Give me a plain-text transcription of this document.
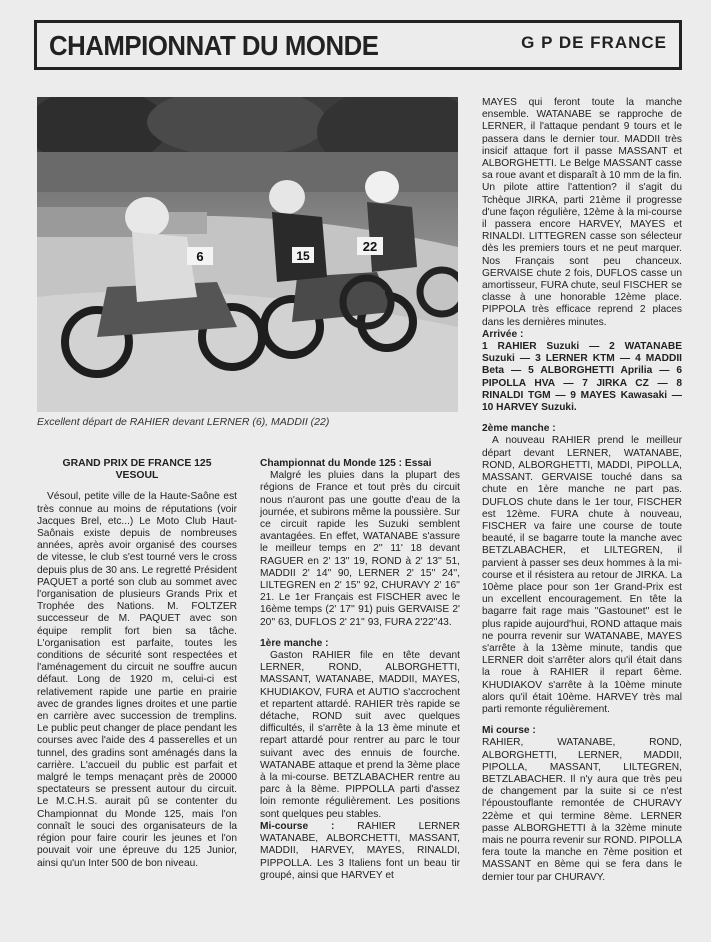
CHAMPIONNAT DU MONDE	G P DE FRANCE
6
22
15
Excellent départ de RAHIER devant LERNER (6), MADDII (22)

GRAND PRIX DE FRANCE 125

VESOUL

Vésoul, petite ville de la Haute-Saône est très connue au moins de réputations (voir Jacques Brel, etc...) Le Moto Club Haut-Saônais existe depuis de nombreuses années, après avoir organisé des courses de vitesse, le club s'est tourné vers le cross depuis plus de 30 ans. Le regretté Président PAQUET a porté son club au sommet avec l'organisation de plusieurs Grands Prix et Trophée des Nations. M. FOLTZER successeur de M. PAQUET avec son équipe remplit fort bien sa tâche. L'organisation est parfaite, toutes les conditions de sécurité sont respectées et l'aménagement du circuit ne souffre aucun défaut. Long de 1920 m, celui-ci est relativement rapide une partie en prairie avec de grandes lignes droites et une partie en carrière avec succession de tremplins. Le public peut changer de place pendant les courses avec l'aide des 4 passerelles et un tunnel, des gradins sont aménagés dans la carrière. L'accueil du public est parfait et malgré le temps menaçant près de 20000 spectateurs se pressent autour du circuit. Le M.C.H.S. aurait pû se contenter du Championnat du Monde 125, mais l'on connaît le souci des organisateurs de la région pour faire courir les jeunes et l'on pouvait voir une épreuve du 125 Junior, ainsi qu'un Inter 500 de bon niveau.

Championnat du Monde 125 : Essai

Malgré les pluies dans la plupart des régions de France et tout près du circuit nous n'auront pas une goutte d'eau de la journée, et subirons même la poussière. Sur ce circuit rapide les Suzuki semblent avantagées. En effet, WATANABE s'assure le meilleur temps en 2'' 11' 18 devant RAGUER en 2' 13'' 19, ROND à 2' 13'' 51, MADDII 2' 14'' 90, LERNER 2' 15'' 24'', LILTEGREN en 2' 15'' 92, CHURAVY 2' 16'' 21. Le 1er Français est FISCHER avec le 16ème temps (2' 17'' 91) puis GERVAISE 2' 20'' 63, DUFLOS 2' 21'' 93, FURA 2'22''43.

1ère manche :

Gaston RAHIER file en tête devant LERNER, ROND, ALBORGHETTI, MASSANT, WATANABE, MADDII, MAYES, KHUDIAKOV, FURA et AUTIO s'accrochent et repartent attardé. RAHIER très rapide se détache, ROND suit avec quelques difficultés, il s'arrête à la 13 ème minute et repart attardé pour rentrer au parc le tour suivant avec des ennuis de fourche. WATANABE attaque et prend la 3ème place à la mi-course. BETZLABACHER rentre au parc à la 8ème. PIPPOLLA parti d'assez loin remonte régulièrement. Les positions sont quelques peu stables.

Mi-course : RAHIER LERNER WATANABE, ALBORCHETTI, MASSANT, MADDII, HARVEY, MAYES, RINALDI, PIPPOLLA. Les 3 Italiens font un beau tir groupé, ainsi que HARVEY et

MAYES qui feront toute la manche ensemble. WATANABE se rapproche de LERNER, il l'attaque pendant 9 tours et le passera dans le dernier tour. MADDII très insicif attaque fort il passe MASSANT et ALBORGHETTI. Le Belge MASSANT casse sa roue avant et disparaît à 10 mm de la fin. Un pilote attire l'attention? il s'agit du Tchèque JIRKA, parti 21ème il progresse d'une façon régulière, 12ème à la mi-course il passera encore HARVEY, MAYES et RINALDI. LITTEGREN casse son sélecteur dès les premiers tours et ne peut marquer. Nos Français sont peu chanceux. GERVAISE chute 2 fois, DUFLOS casse un amortisseur, FURA chute, seul FISCHER se classe à une honorable 12ème place. PIPPOLA très efficace reprend 2 places dans les dernières minutes.

Arrivée :

1 RAHIER Suzuki — 2 WATANABE Suzuki — 3 LERNER KTM — 4 MADDII Beta — 5 ALBORGHETTI Aprilia — 6 PIPOLLA HVA — 7 JIRKA CZ — 8 RINALDI TGM — 9 MAYES Kawasaki — 10 HARVEY Suzuki.

2ème manche :

A nouveau RAHIER prend le meilleur départ devant LERNER, WATANABE, ROND, ALBORGHETTI, MADDI, PIPOLLA, MASSANT. GERVAISE touché dans sa chute en 1ère manche ne part pas. DUFLOS chute dans le 1er tour, FISCHER est 12ème. FURA chute à nouveau, FISCHER va faire une course de toute beauté, il se bagarre toute la manche avec BETZLABACHER, et LILTEGREN, il parvient à passer ses deux hommes à la mi-course et il résistera au retour de JIRKA. La 10ème place pour son 1er Grand-Prix est un excellent encouragement. En tête la bagarre fait rage mais ''Gastounet'' est le plus rapide aujourd'hui, ROND attaque mais ne pourra revenir sur WATANABE, MAYES s'arrête à la 13ème minute, tandis que LERNER doit s'arrêter alors qu'il était dans la roue à RAHIER il repart 6ème. KHUDIAKOV s'arrête à la 10ème minute alors qu'il était 10ème. HARVEY très mal parti remonte régulièrement.

Mi course :

RAHIER, WATANABE, ROND, ALBORGHETTI, LERNER, MADDII, PIPOLLA, MASSANT, LILTEGREN, BETZLABACHER. Il n'y aura que très peu de changement par la suite si ce n'est l'époustouflante remontée de CHURAVY 22ème et qui termine 8ème. LERNER passe ALBORGHETTI à la 32ème minute mais ne pourra revenir sur ROND. PIPOLLA fera toute la manche en 7ème position et MASSANT en 8ème qui se fera dans le dernier tour par CHURAVY.
